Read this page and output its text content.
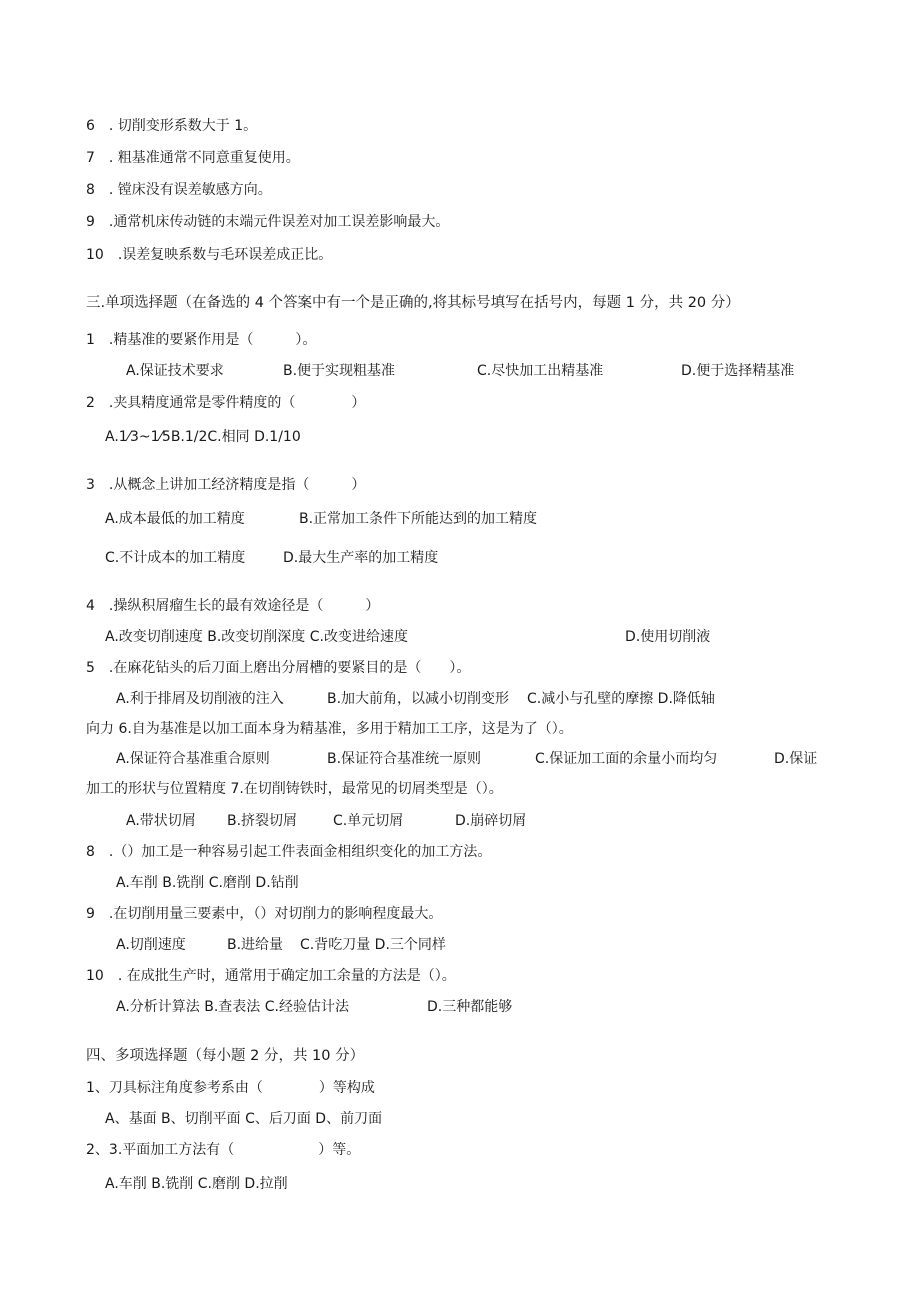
6　. 切削变形系数大于 1。
7　. 粗基准通常不同意重复使用。
8　. 镗床没有误差敏感方向。
9　.通常机床传动链的末端元件误差对加工误差影响最大。
10　.误差复映系数与毛环误差成正比。
三.单项选择题（在备选的 4 个答案中有一个是正确的,将其标号填写在括号内，每题 1 分，共 20 分）
1　.精基准的要紧作用是（　　　）。
A.保证技术要求	B.便于实现粗基准	C.尽快加工出精基准	D.便于选择精基准
2　.夹具精度通常是零件精度的（　　　　）
A.1⁄3~1⁄5B.1/2C.相同 D.1/10
3　.从概念上讲加工经济精度是指（　　　）
A.成本最低的加工精度	B.正常加工条件下所能达到的加工精度
C.不计成本的加工精度	D.最大生产率的加工精度
4　.操纵积屑瘤生长的最有效途径是（　　　）
A.改变切削速度 B.改变切削深度 C.改变进给速度	D.使用切削液
5　.在麻花钻头的后刀面上磨出分屑槽的要紧目的是（　　）。
A.利于排屑及切削液的注入	B.加大前角，以减小切削变形 C.减小与孔壁的摩擦 D.降低轴
向力 6.自为基准是以加工面本身为精基准，多用于精加工工序，这是为了（）。
A.保证符合基准重合原则	B.保证符合基准统一原则	C.保证加工面的余量小而均匀	D.保证
加工的形状与位置精度 7.在切削铸铁时，最常见的切屑类型是（）。
A.带状切屑 B.挤裂切屑	C.单元切屑	D.崩碎切屑
8　.（）加工是一种容易引起工件表面金相组织变化的加工方法。
A.车削 B.铣削 C.磨削 D.钻削
9　.在切削用量三要素中，（）对切削力的影响程度最大。
A.切削速度	B.进给量 C.背吃刀量 D.三个同样
10　. 在成批生产时，通常用于确定加工余量的方法是（）。
A.分析计算法 B.查表法 C.经验估计法	D.三种都能够
四、多项选择题（每小题 2 分，共 10 分）
1、刀具标注角度参考系由（　　　　）等构成
A、基面 B、切削平面 C、后刀面 D、前刀面
2、3.平面加工方法有（　　　　　　）等。
A.车削 B.铣削 C.磨削 D.拉削
